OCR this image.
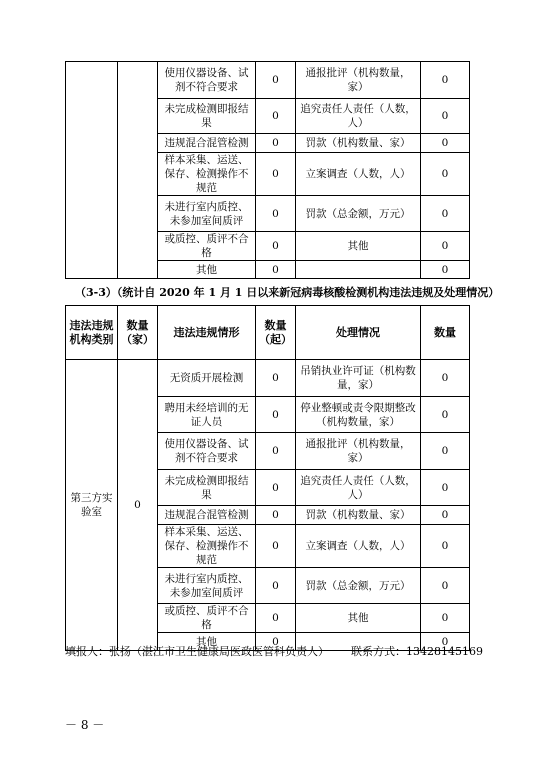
		使用仪器设备、试剂不符合要求	0	通报批评（机构数量，家）	0
		未完成检测即报结果	0	追究责任人责任（人数，人）	0
		违规混合混管检测	0	罚款（机构数量、家）	0
		样本采集、运送、保存、检测操作不规范	0	立案调查（人数，人）	0
		未进行室内质控、未参加室间质评	0	罚款（总金额，万元）	0
		或质控、质评不合格	0	其他	0
		其他	0		0
（3-3）（统计自 2020 年 1 月 1 日以来新冠病毒核酸检测机构违法违规及处理情况）
违法违规机构类别	数量（家）	违法违规情形	数量（起）	处理情况	数量
第三方实验室	0	无资质开展检测	0	吊销执业许可证（机构数量，家）	0
		聘用未经培训的无证人员	0	停业整顿或责令限期整改（机构数量，家）	0
		使用仪器设备、试剂不符合要求	0	通报批评（机构数量，家）	0
		未完成检测即报结果	0	追究责任人责任（人数，人）	0
		违规混合混管检测	0	罚款（机构数量、家）	0
		样本采集、运送、保存、检测操作不规范	0	立案调查（人数，人）	0
		未进行室内质控、未参加室间质评	0	罚款（总金额，万元）	0
		或质控、质评不合格	0	其他	0
		其他	0		0
填报人：张扬（湛江市卫生健康局医政医管科负责人） 联系方式：13428145169
－ 8 －
